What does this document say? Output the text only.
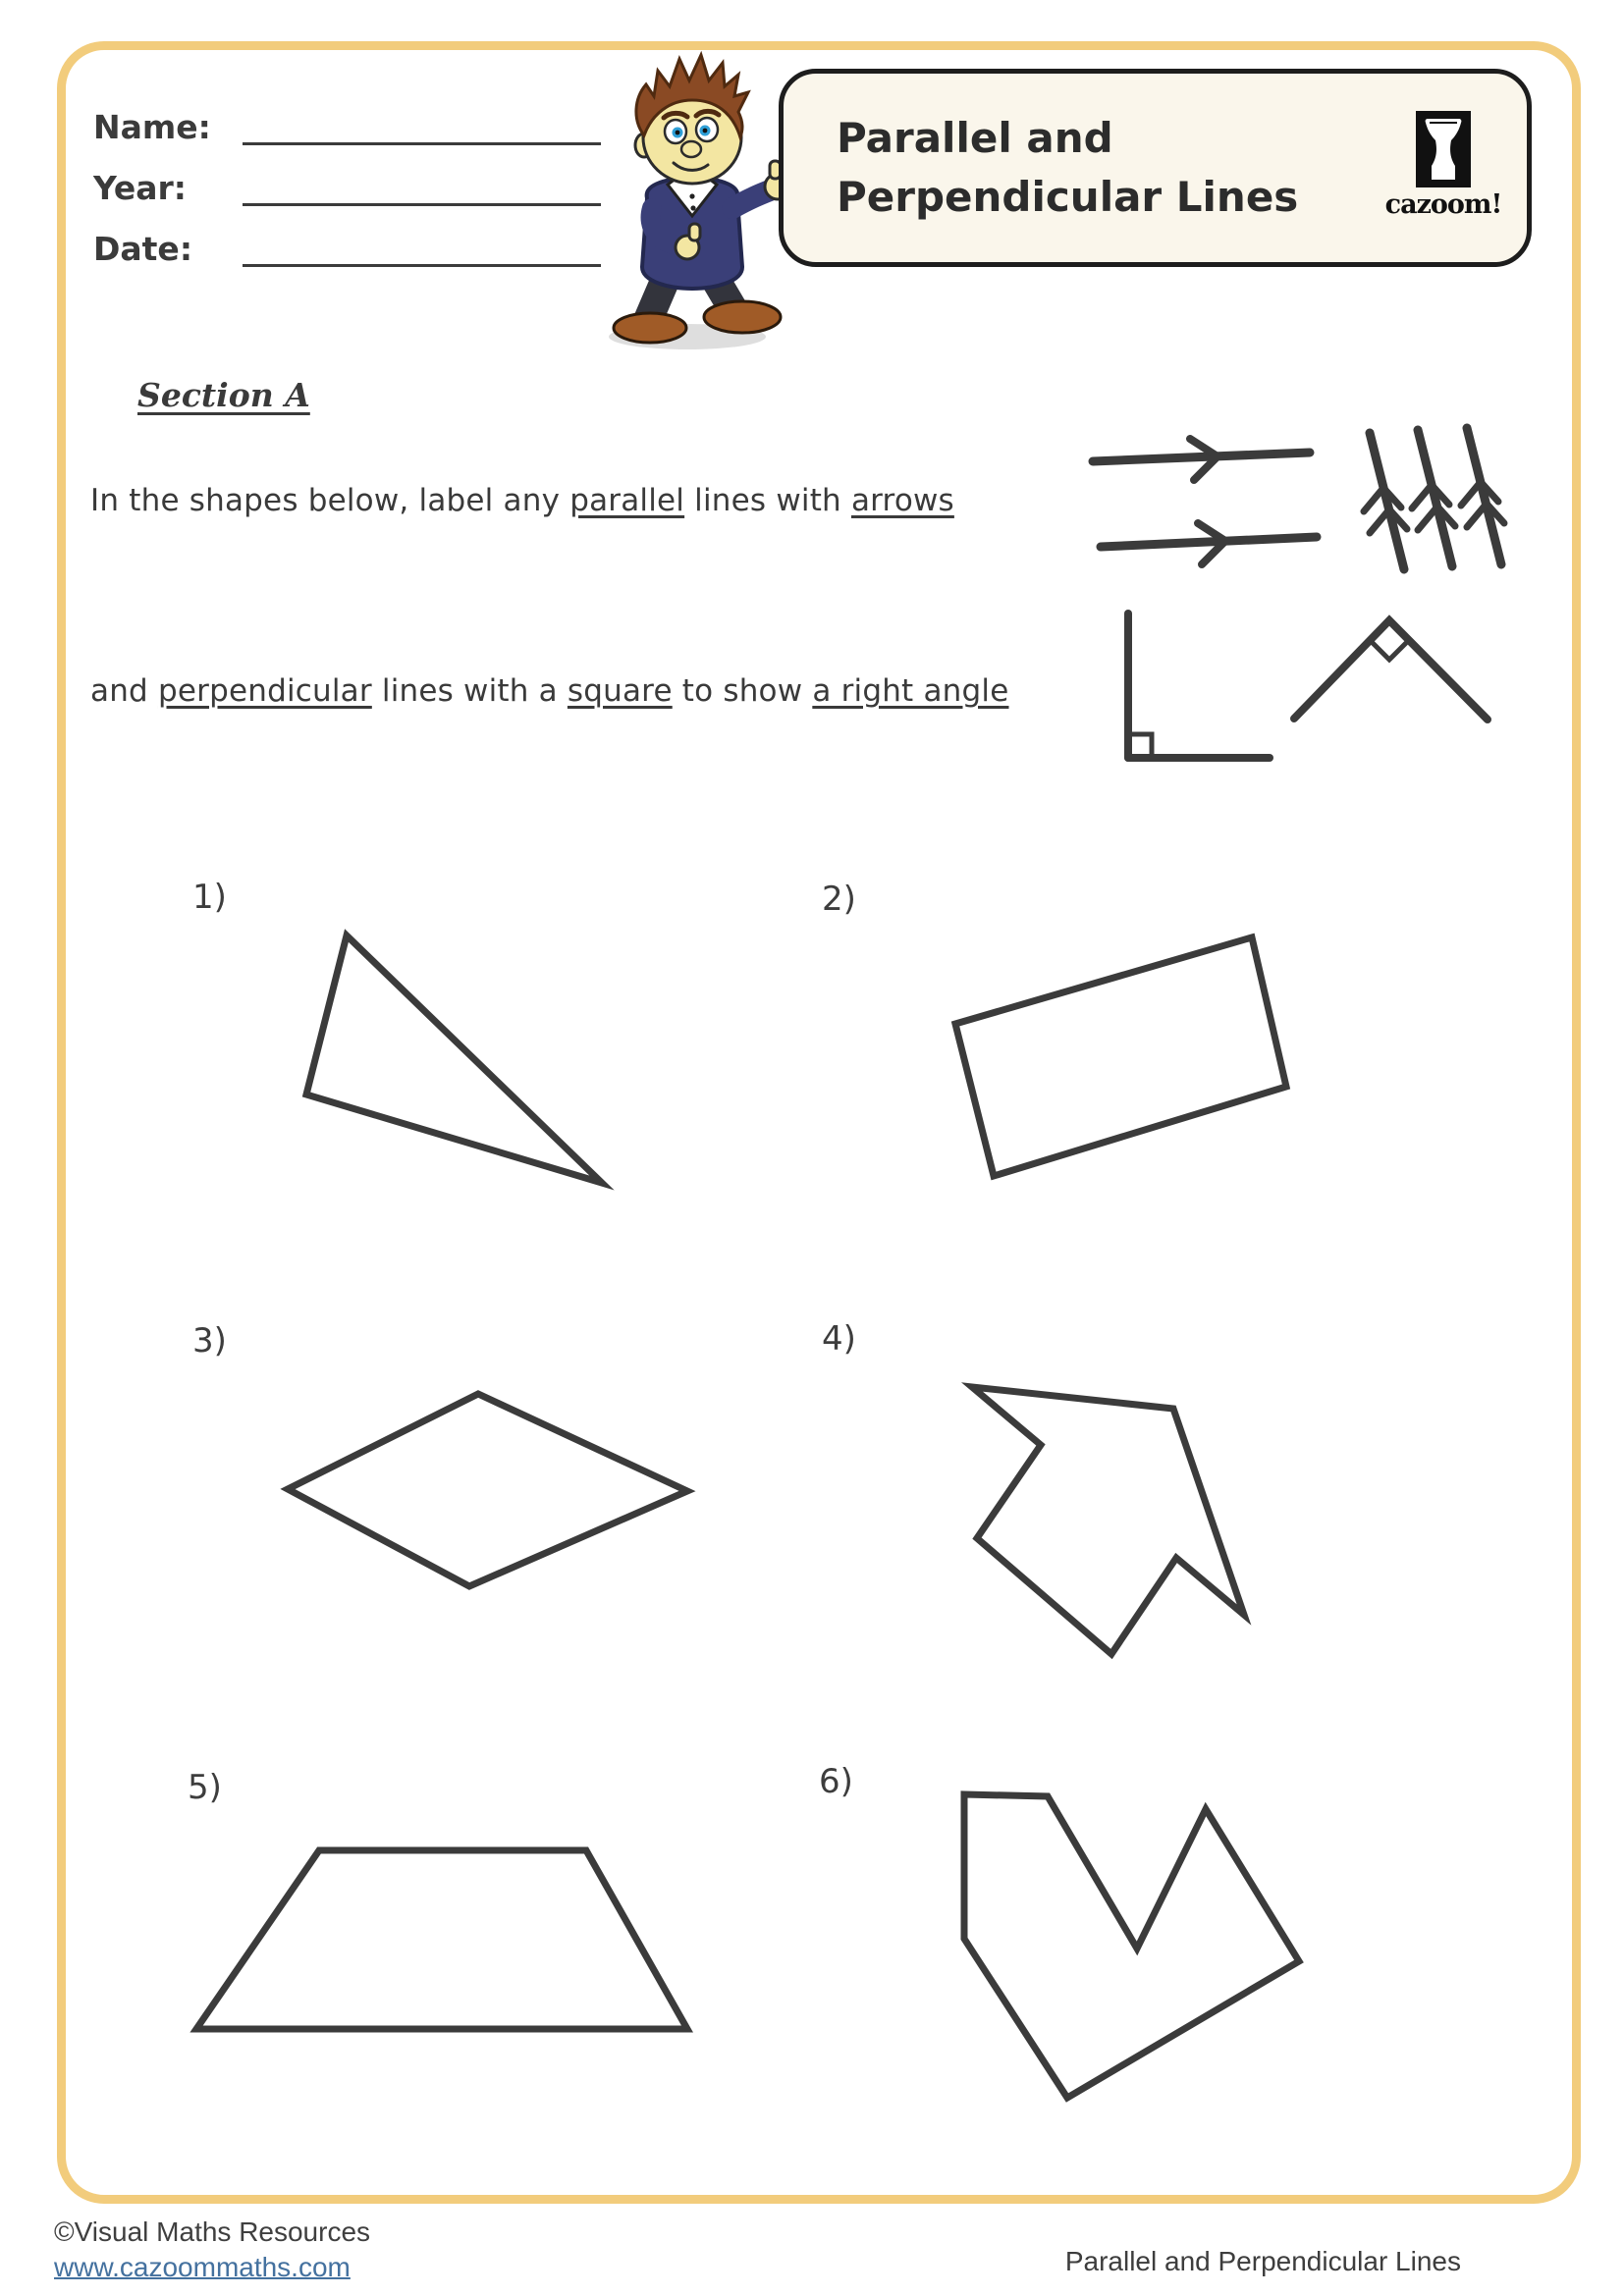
Name:
Year:
Date:
Parallel and
Perpendicular Lines	cazoom!
Section A
In the shapes below, label any parallel lines with arrows
and perpendicular lines with a square to show a right angle
1)	2)
3)	4)
5)	6)
©Visual Maths Resources
www.cazoommaths.com	Parallel and Perpendicular Lines
